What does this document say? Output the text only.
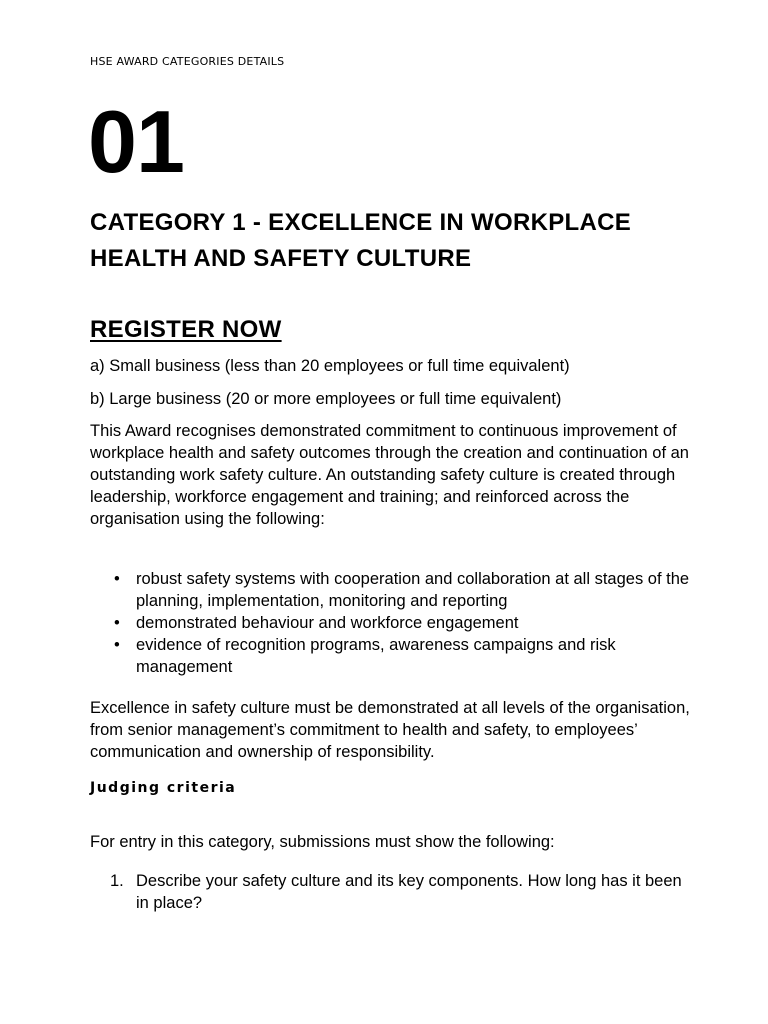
HSE AWARD CATEGORIES DETAILS
01
CATEGORY 1 - EXCELLENCE IN WORKPLACE HEALTH AND SAFETY CULTURE
REGISTER NOW
a) Small business (less than 20 employees or full time equivalent)
b) Large business (20 or more employees or full time equivalent)
This Award recognises demonstrated commitment to continuous improvement of workplace health and safety outcomes through the creation and continuation of an outstanding work safety culture. An outstanding safety culture is created through leadership, workforce engagement and training; and reinforced across the organisation using the following:
• robust safety systems with cooperation and collaboration at all stages of the planning, implementation, monitoring and reporting
• demonstrated behaviour and workforce engagement
• evidence of recognition programs, awareness campaigns and risk management
Excellence in safety culture must be demonstrated at all levels of the organisation, from senior management’s commitment to health and safety, to employees’ communication and ownership of responsibility.
Judging criteria
For entry in this category, submissions must show the following:
1. Describe your safety culture and its key components. How long has it been in place?
